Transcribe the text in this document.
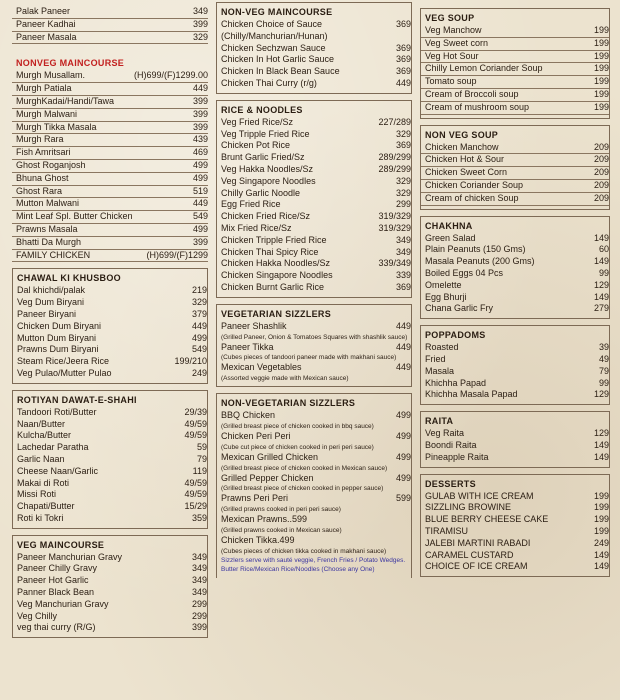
Palak Paneer	349
Paneer Kadhai	399
Paneer Masala	329
NONVEG MAINCOURSE
Murgh Musallam.	(H)699/(F)1299.00
Murgh Patiala	449
MurghKadai/Handi/Tawa	399
Murgh Malwani	399
Murgh Tikka Masala	399
Murgh Rara	439
Fish Amritsari	469
Ghost Roganjosh	499
Bhuna Ghost	499
Ghost Rara	519
Mutton Malwani	449
Mint Leaf Spl. Butter Chicken	549
Prawns Masala	499
Bhatti Da Murgh	399
FAMILY CHICKEN	(H)699/(F)1299
CHAWAL KI KHUSBOO
Dal khichdi/palak	219
Veg Dum Biryani	329
Paneer Biryani	379
Chicken Dum Biryani	449
Mutton Dum Biryani	499
Prawns Dum Biryani	549
Steam Rice/Jeera Rice	199/210
Veg Pulao/Mutter Pulao	249
ROTIYAN DAWAT-E-SHAHI
Tandoori Roti/Butter	29/39
Naan/Butter	49/59
Kulcha/Butter	49/59
Lachedar Paratha	59
Garlic Naan	79
Cheese Naan/Garlic	119
Makai di Roti	49/59
Missi Roti	49/59
Chapati/Butter	15/29
Roti ki Tokri	359
VEG MAINCOURSE
Paneer Manchurian Gravy	349
Paneer Chilly Gravy	349
Paneer Hot Garlic	349
Panner Black Bean	349
Veg Manchurian Gravy	299
Veg Chilly	299
veg thai curry (R/G)	399
NON-VEG MAINCOURSE
Chicken Choice of Sauce	369
(Chilly/Manchurian/Hunan)
Chicken Sechzwan Sauce	369
Chicken In Hot Garlic Sauce	369
Chicken In Black Bean Sauce	369
Chicken Thai Curry (r/g)	449
RICE & NOODLES
Veg Fried Rice/Sz	227/289
Veg Tripple Fried Rice	329
Chicken Pot Rice	369
Brunt Garlic Fried/Sz	289/299
Veg Hakka Noodles/Sz	289/299
Veg Singapore Noodles	329
Chilly Garlic Noodle	329
Egg Fried Rice	299
Chicken Fried Rice/Sz	319/329
Mix Fried Rice/Sz	319/329
Chicken Tripple Fried Rice	349
Chicken Thai Spicy Rice	349
Chicken Hakka Noodles/Sz	339/349
Chicken Singapore Noodles	339
Chicken Burnt Garlic Rice	369
VEGETARIAN SIZZLERS
Paneer Shashlik	449
(Grilled Paneer, Onion & Tomatoes Squares with shashlik sauce)
Paneer Tikka	449
(Cubes pieces of tandoori paneer made with makhani sauce)
Mexican Vegetables	449
(Assorted veggie made with Mexican sauce)
NON-VEGETARIAN SIZZLERS
BBQ Chicken	499
(Grilled breast piece of chicken cooked in bbq sauce)
Chicken Peri Peri	499
(Cube cut piece of chicken cooked in peri peri sauce)
Mexican Grilled Chicken	499
(Grilled breast piece of chicken cooked in Mexican sauce)
Grilled Pepper Chicken	499
(Grilled breast piece of chicken cooked in pepper sauce)
Prawns Peri Peri	599
(Grilled prawns cooked in peri peri sauce)
Mexican Prawns..599
(Grilled prawns cooked in Mexican sauce)
Chicken Tikka.499
(Cubes pieces of chicken tikka cooked in makhani sauce)
Sizzlers serve with sauté veggie, French Fries / Potato Wedges. Butter Rice/Mexican Rice/Noodles (Choose any One)
VEG SOUP
Veg Manchow	199
Veg Sweet corn	199
Veg Hot Sour	199
Chilly Lemon Coriander Soup	199
Tomato soup	199
Cream of Broccoli soup	199
Cream of mushroom soup	199
NON VEG SOUP
Chicken Manchow	209
Chicken Hot & Sour	209
Chicken Sweet Corn	209
Chicken Coriander Soup	209
Cream of chicken Soup	209
CHAKHNA
Green Salad	149
Plain Peanuts (150 Gms)	60
Masala Peanuts (200 Gms)	149
Boiled Eggs 04 Pcs	99
Omelette	129
Egg Bhurji	149
Chana Garlic Fry	279
POPPADOMS
Roasted	39
Fried	49
Masala	79
Khichha Papad	99
Khichha Masala Papad	129
RAITA
Veg Raita	129
Boondi Raita	149
Pineapple Raita	149
DESSERTS
GULAB WITH ICE CREAM	199
SIZZLING BROWINE	199
BLUE BERRY CHEESE CAKE	199
TIRAMISU	199
JALEBI MARTINI RABADI	249
CARAMEL CUSTARD	149
CHOICE OF ICE CREAM	149
